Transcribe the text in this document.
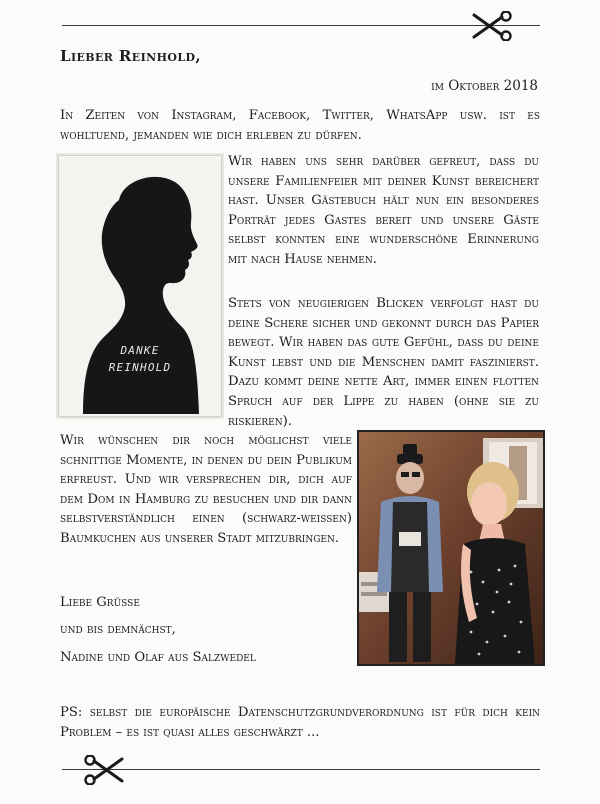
Lieber Reinhold,
im Oktober 2018
In Zeiten von Instagram, Facebook, Twitter, WhatsApp usw. ist es wohltuend, jemanden wie dich erleben zu dürfen.
DANKE
REINHOLD
Wir haben uns sehr darüber gefreut, dass du unsere Familienfeier mit deiner Kunst bereichert hast. Unser Gästebuch hält nun ein besonderes Porträt jedes Gastes bereit und unsere Gäste selbst konnten eine wunderschöne Erinnerung mit nach Hause nehmen.
Stets von neugierigen Blicken verfolgt hast du deine Schere sicher und gekonnt durch das Papier bewegt. Wir haben das gute Gefühl, dass du deine Kunst lebst und die Menschen damit faszinierst. Dazu kommt deine nette Art, immer einen flotten Spruch auf der Lippe zu haben (ohne sie zu riskieren).
Wir wünschen dir noch möglichst viele schnittige Momente, in denen du dein Publikum erfreust. Und wir versprechen dir, dich auf dem Dom in Hamburg zu besuchen und dir dann selbstverständlich einen (schwarz-weißen) Baumkuchen aus unserer Stadt mitzubringen.
Liebe Grüße
und bis demnächst,
Nadine und Olaf aus Salzwedel
PS: selbst die europäische Datenschutzgrundverordnung ist für dich kein Problem – es ist quasi alles geschwärzt ...
